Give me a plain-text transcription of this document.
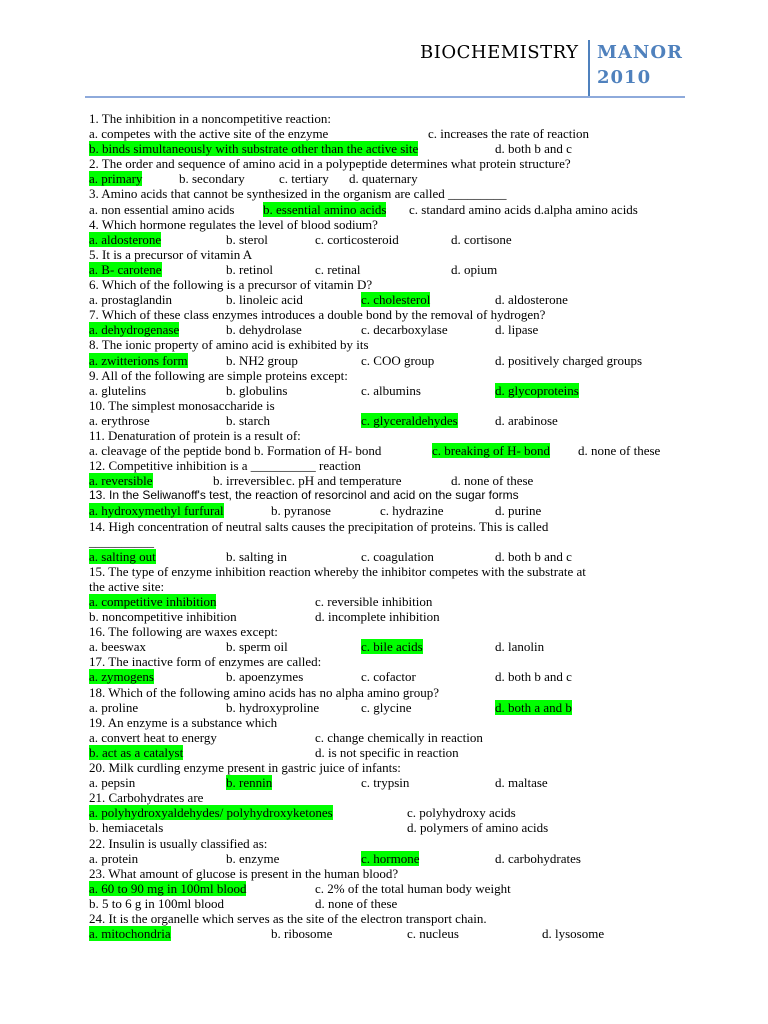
BIOCHEMISTRY MANOR
2010
1. The inhibition in a noncompetitive reaction:
a. competes with the active site of the enzyme	c. increases the rate of reaction
b. binds simultaneously with substrate other than the active site	d. both b and c
2. The order and sequence of amino acid in a polypeptide determines what protein structure?
a. primary	b. secondary	c. tertiary d. quaternary
3. Amino acids that cannot be synthesized in the organism are called _________
a. non essential amino acids b. essential amino acids c. standard amino acids d.alpha amino acids
4. Which hormone regulates the level of blood sodium?
a. aldosterone	b. sterol	c. corticosteroid	d. cortisone
5. It is a precursor of vitamin A
a. B- carotene	b. retinol	c. retinal	d. opium
6. Which of the following is a precursor of vitamin D?
a. prostaglandin	b. linoleic acid	c. cholesterol	d. aldosterone
7. Which of these class enzymes introduces a double bond by the removal of hydrogen?
a. dehydrogenase	b. dehydrolase	c. decarboxylase	d. lipase
8. The ionic property of amino acid is exhibited by its
a. zwitterions form	b. NH2 group	c. COO group	d. positively charged groups
9. All of the following are simple proteins except:
a. glutelins	b. globulins	c. albumins	d. glycoproteins
10. The simplest monosaccharide is
a. erythrose	b. starch	c. glyceraldehydes	d. arabinose
11. Denaturation of protein is a result of:
a. cleavage of the peptide bond b. Formation of H- bond	c. breaking of H- bond d. none of these
12. Competitive inhibition is a __________ reaction
a. reversible	b. irreversible c. pH and temperature	d. none of these
13. In the Seliwanoff's test, the reaction of resorcinol and acid on the sugar forms
a. hydroxymethyl furfural	b. pyranose	c. hydrazine	d. purine
14. High concentration of neutral salts causes the precipitation of proteins. This is called
__________
a. salting out	b. salting in	c. coagulation	d. both b and c
15. The type of enzyme inhibition reaction whereby the inhibitor competes with the substrate at
the active site:
a. competitive inhibition	c. reversible inhibition
b. noncompetitive inhibition	d. incomplete inhibition
16. The following are waxes except:
a. beeswax	b. sperm oil	c. bile acids	d. lanolin
17. The inactive form of enzymes are called:
a. zymogens	b. apoenzymes	c. cofactor	d. both b and c
18. Which of the following amino acids has no alpha amino group?
a. proline	b. hydroxyproline	c. glycine	d. both a and b
19. An enzyme is a substance which
a. convert heat to energy	c. change chemically in reaction
b. act as a catalyst	d. is not specific in reaction
20. Milk curdling enzyme present in gastric juice of infants:
a. pepsin	b. rennin	c. trypsin	d. maltase
21. Carbohydrates are
a. polyhydroxyaldehydes/ polyhydroxyketones	c. polyhydroxy acids
b. hemiacetals	d. polymers of amino acids
22. Insulin is usually classified as:
a. protein	b. enzyme	c. hormone	d. carbohydrates
23. What amount of glucose is present in the human blood?
a. 60 to 90 mg in 100ml blood	c. 2% of the total human body weight
b. 5 to 6 g in 100ml blood	d. none of these
24. It is the organelle which serves as the site of the electron transport chain.
a. mitochondria	b. ribosome	c. nucleus	d. lysosome
